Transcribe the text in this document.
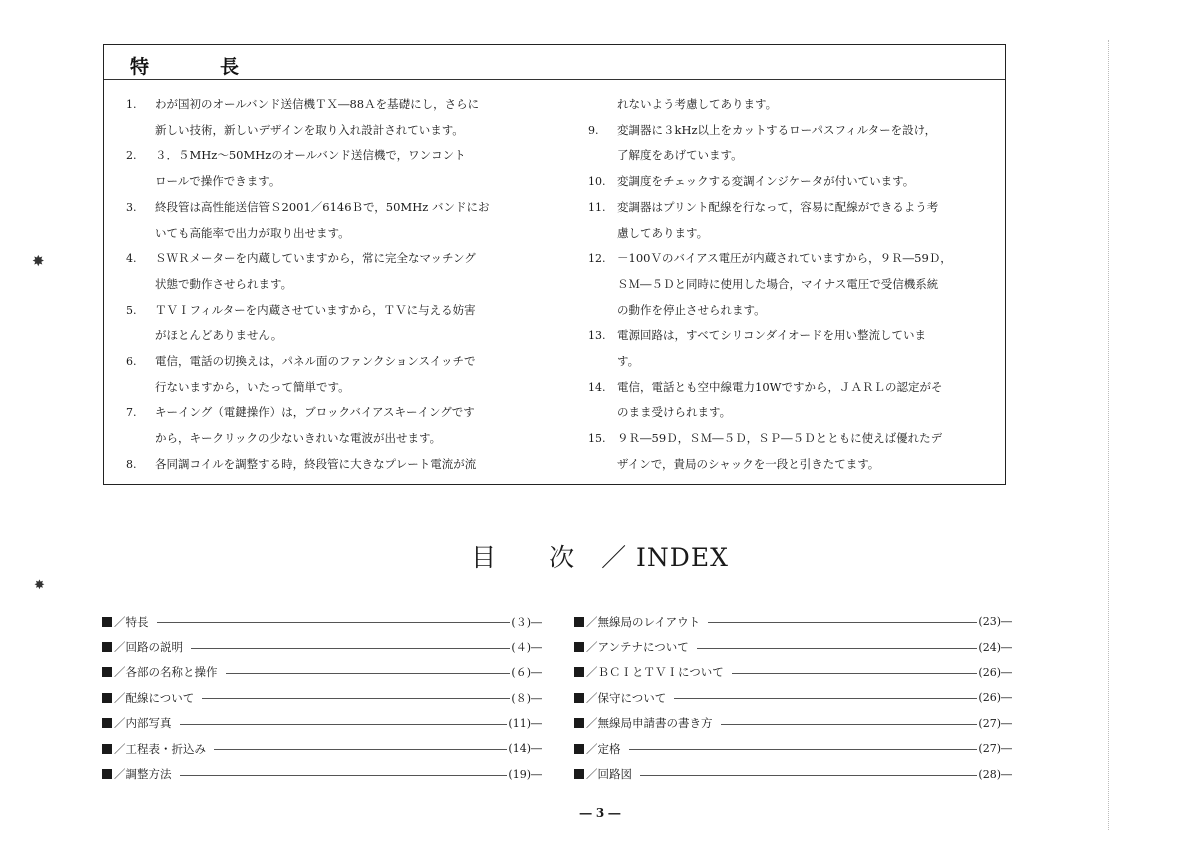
特　長
1. わが国初のオールバンド送信機ＴＸ―88Ａを基礎にし，さらに
新しい技術，新しいデザインを取り入れ設計されています。
2. ３．５MHz～50MHzのオールバンド送信機で，ワンコント
ロールで操作できます。
3. 終段管は高性能送信管Ｓ2001／6146Ｂで，50MHz バンドにお
いても高能率で出力が取り出せます。
4. ＳＷＲメーターを内蔵していますから，常に完全なマッチング
状態で動作させられます。
5. ＴＶＩフィルターを内蔵させていますから，ＴＶに与える妨害
がほとんどありません。
6. 電信，電話の切換えは，パネル面のファンクションスイッチで
行ないますから，いたって簡単です。
7. キーイング（電鍵操作）は，ブロックバイアスキーイングです
から，キークリックの少ないきれいな電波が出せます。
8. 各同調コイルを調整する時，終段管に大きなプレート電流が流
れないよう考慮してあります。
9. 変調器に３kHz以上をカットするローパスフィルターを設け，
了解度をあげています。
10. 変調度をチェックする変調インジケータが付いています。
11. 変調器はプリント配線を行なって，容易に配線ができるよう考
慮してあります。
12. －100Ｖのバイアス電圧が内蔵されていますから，９Ｒ―59Ｄ，
ＳＭ―５Ｄと同時に使用した場合，マイナス電圧で受信機系統
の動作を停止させられます。
13. 電源回路は，すべてシリコンダイオードを用い整流していま
す。
14. 電信，電話とも空中線電力10Wですから，ＪＡＲＬの認定がそ
のまま受けられます。
15. ９Ｒ―59Ｄ，ＳＭ―５Ｄ，ＳＰ―５Ｄとともに使えば優れたデ
ザインで，貴局のシャックを一段と引きたてます。
目　　次　／ INDEX
／特長	(３)―
／回路の説明	(４)―
／各部の名称と操作	(６)―
／配線について	(８)―
／内部写真	(11)―
／工程表・折込み	(14)―
／調整方法	(19)―
／無線局のレイアウト	(23)―
／アンテナについて	(24)―
／ＢＣＩとＴＶＩについて	(26)―
／保守について	(26)―
／無線局申請書の書き方	(27)―
／定格	(27)―
／回路図	(28)―
― 3 ―
✸
✸
